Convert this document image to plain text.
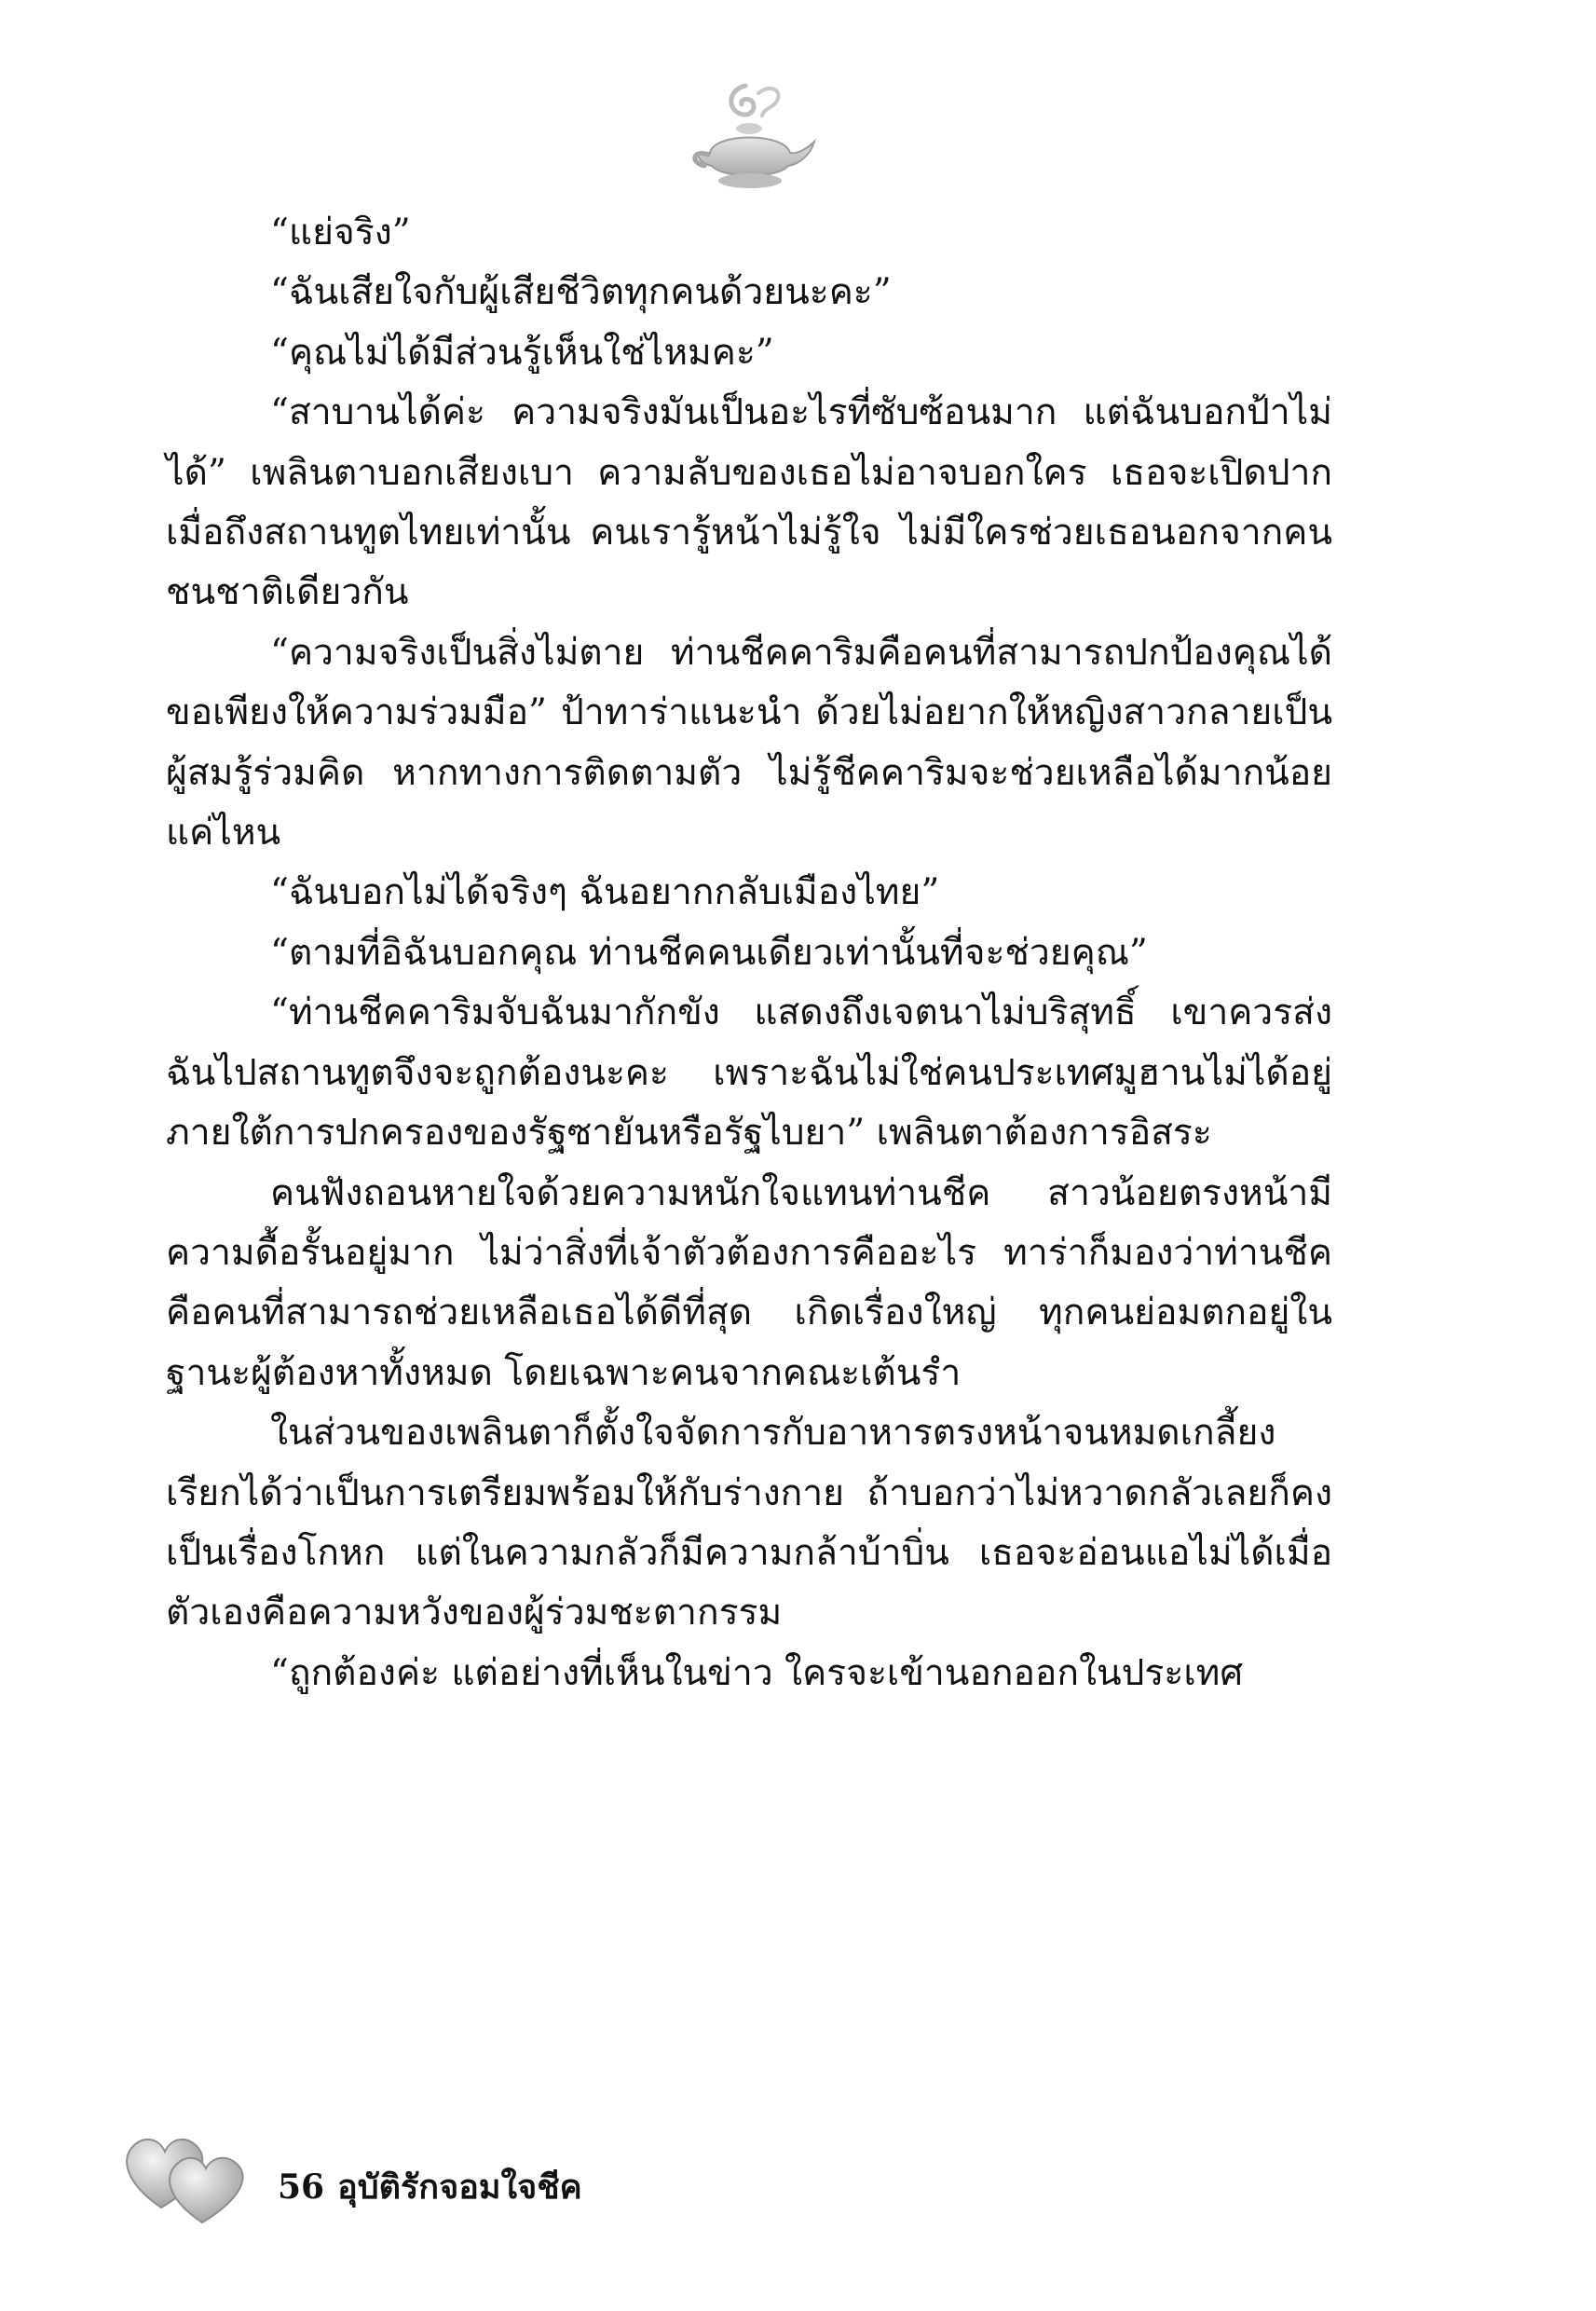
“แย่จริง”

“ฉันเสียใจกับผู้เสียชีวิตทุกคนด้วยนะคะ”

“คุณไม่ได้มีส่วนรู้เห็นใช่ไหมคะ”

“สาบานได้ค่ะ ความจริงมันเป็นอะไรที่ซับซ้อนมาก แต่ฉันบอกป้าไม่ได้” เพลินตาบอกเสียงเบา ความลับของเธอไม่อาจบอกใคร เธอจะเปิดปากเมื่อถึงสถานทูตไทยเท่านั้น คนเรารู้หน้าไม่รู้ใจ ไม่มีใครช่วยเธอนอกจากคนชนชาติเดียวกัน

“ความจริงเป็นสิ่งไม่ตาย ท่านชีคคาริมคือคนที่สามารถปกป้องคุณได้ ขอเพียงให้ความร่วมมือ” ป้าทาร่าแนะนำ ด้วยไม่อยากให้หญิงสาวกลายเป็นผู้สมรู้ร่วมคิด หากทางการติดตามตัว ไม่รู้ชีคคาริมจะช่วยเหลือได้มากน้อยแค่ไหน

“ฉันบอกไม่ได้จริงๆ ฉันอยากกลับเมืองไทย”

“ตามที่อิฉันบอกคุณ ท่านชีคคนเดียวเท่านั้นที่จะช่วยคุณ”

“ท่านชีคคาริมจับฉันมากักขัง แสดงถึงเจตนาไม่บริสุทธิ์ เขาควรส่งฉันไปสถานทูตจึงจะถูกต้องนะคะ เพราะฉันไม่ใช่คนประเทศมูฮานไม่ได้อยู่ภายใต้การปกครองของรัฐซายันหรือรัฐไบยา” เพลินตาต้องการอิสระ

คนฟังถอนหายใจด้วยความหนักใจแทนท่านชีค สาวน้อยตรงหน้ามีความดื้อรั้นอยู่มาก ไม่ว่าสิ่งที่เจ้าตัวต้องการคืออะไร ทาร่าก็มองว่าท่านชีคคือคนที่สามารถช่วยเหลือเธอได้ดีที่สุด เกิดเรื่องใหญ่ ทุกคนย่อมตกอยู่ในฐานะผู้ต้องหาทั้งหมด โดยเฉพาะคนจากคณะเต้นรำ

ในส่วนของเพลินตาก็ตั้งใจจัดการกับอาหารตรงหน้าจนหมดเกลี้ยง เรียกได้ว่าเป็นการเตรียมพร้อมให้กับร่างกาย ถ้าบอกว่าไม่หวาดกลัวเลยก็คงเป็นเรื่องโกหก แต่ในความกลัวก็มีความกล้าบ้าบิ่น เธอจะอ่อนแอไม่ได้เมื่อตัวเองคือความหวังของผู้ร่วมชะตากรรม

“ถูกต้องค่ะ แต่อย่างที่เห็นในข่าว ใครจะเข้านอกออกในประเทศ

56 อุบัติรักจอมใจชีค
